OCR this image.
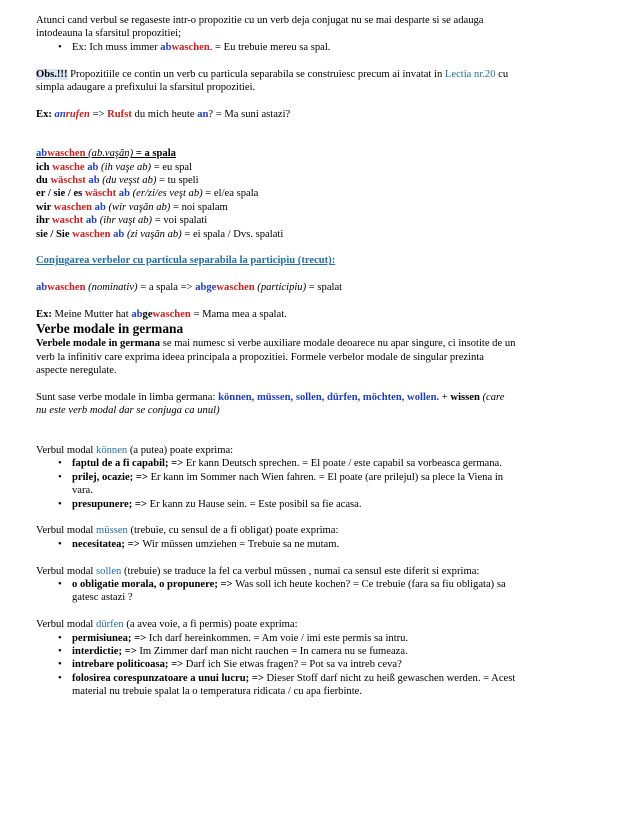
Atunci cand verbul se regaseste intr-o propozitie cu un verb deja conjugat nu se mai desparte si se adauga

intodeauna la sfarsitul propozitiei;

• Ex: Ich muss immer abwaschen. = Eu trebuie mereu sa spal.

Obs.!!! Propozitiile ce contin un verb cu particula separabila se construiesc precum ai invatat in Lectia nr.20 cu

simpla adaugare a prefixului la sfarsitul propozitiei.

Ex: anrufen => Rufst du mich heute an? = Ma suni astazi?

abwaschen (ab.vaşăn) = a spala

ich wasche ab (ih vaşe ab) = eu spal

du wäschst ab (du veşst ab) = tu speli

er / sie / es wäscht ab (er/zi/es veşt ab) = el/ea spala

wir waschen ab (wir vaşăn ab) = noi spalam

ihr wascht ab (ihr vaşt ab) = voi spalati

sie / Sie waschen ab (zi vaşăn ab) = ei spala / Dvs. spalati

Conjugarea verbelor cu particula separabila la participiu (trecut):

abwaschen (nominativ) = a spala => abgewaschen (participiu) = spalat

Ex: Meine Mutter hat abgewaschen = Mama mea a spalat.

Verbe modale in germana

Verbele modale in germana se mai numesc si verbe auxiliare modale deoarece nu apar singure, ci insotite de un

verb la infinitiv care exprima ideea principala a propozitiei. Formele verbelor modale de singular prezinta

aspecte neregulate.

Sunt sase verbe modale in limba germana: können, müssen, sollen, dürfen, möchten, wollen. + wissen (care

nu este verb modal dar se conjuga ca unul)

Verbul modal können (a putea) poate exprima:

• faptul de a fi capabil; => Er kann Deutsch sprechen. = El poate / este capabil sa vorbeasca germana.
• prilej, ocazie; => Er kann im Sommer nach Wien fahren. = El poate (are prilejul) sa plece la Viena in
vara.
• presupunere; => Er kann zu Hause sein. = Este posibil sa fie acasa.

Verbul modal müssen (trebuie, cu sensul de a fi obligat) poate exprima:

• necesitatea; => Wir müssen umziehen = Trebuie sa ne mutam.

Verbul modal sollen (trebuie) se traduce la fel ca verbul müssen , numai ca sensul este diferit si exprima:

• o obligatie morala, o propunere; => Was soll ich heute kochen? = Ce trebuie (fara sa fiu obligata) sa
gatesc astazi ?

Verbul modal dürfen (a avea voie, a fi permis) poate exprima:

• permisiunea; => Ich darf hereinkommen. = Am voie / imi este permis sa intru.
• interdictie; => Im Zimmer darf man nicht rauchen = In camera nu se fumeaza.
• intrebare politicoasa; => Darf ich Sie etwas fragen? = Pot sa va intreb ceva?
• folosirea corespunzatoare a unui lucru; => Dieser Stoff darf nicht zu heiß gewaschen werden. = Acest
material nu trebuie spalat la o temperatura ridicata / cu apa fierbinte.
